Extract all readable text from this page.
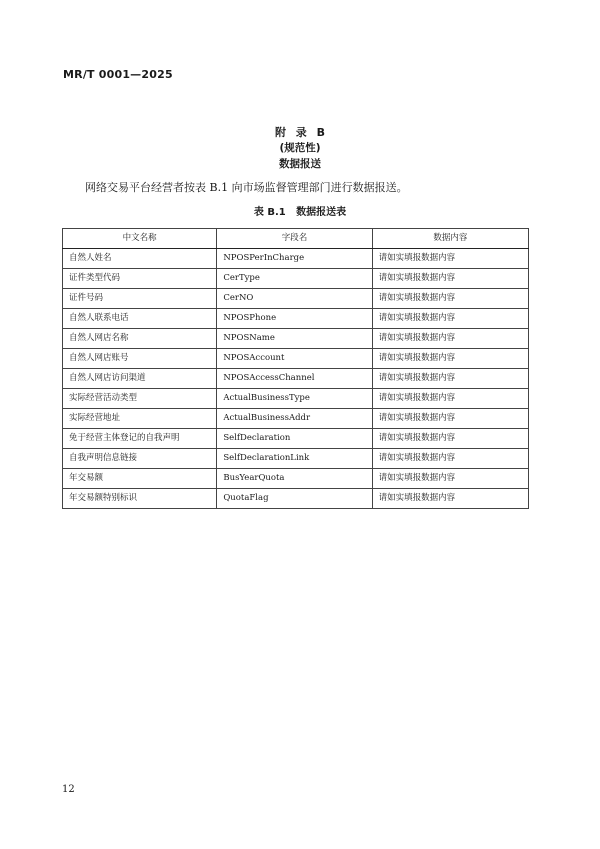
MR/T 0001—2025
附 录 B
(规范性)
数据报送
网络交易平台经营者按表 B.1 向市场监督管理部门进行数据报送。
表 B.1   数据报送表
中文名称	字段名	数据内容
自然人姓名	NPOSPerInCharge	请如实填报数据内容
证件类型代码	CerType	请如实填报数据内容
证件号码	CerNO	请如实填报数据内容
自然人联系电话	NPOSPhone	请如实填报数据内容
自然人网店名称	NPOSName	请如实填报数据内容
自然人网店账号	NPOSAccount	请如实填报数据内容
自然人网店访问渠道	NPOSAccessChannel	请如实填报数据内容
实际经营活动类型	ActualBusinessType	请如实填报数据内容
实际经营地址	ActualBusinessAddr	请如实填报数据内容
免于经营主体登记的自我声明	SelfDeclaration	请如实填报数据内容
自我声明信息链接	SelfDeclarationLink	请如实填报数据内容
年交易额	BusYearQuota	请如实填报数据内容
年交易额特别标识	QuotaFlag	请如实填报数据内容
12
